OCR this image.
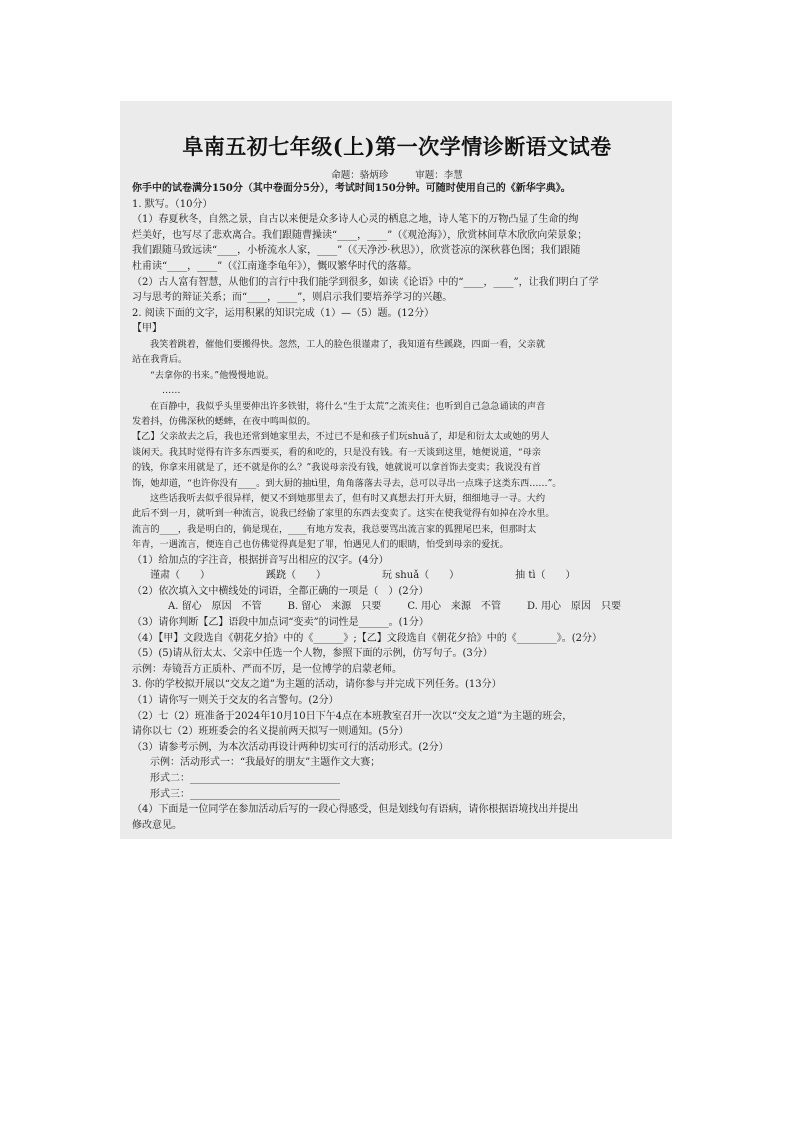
阜南五初七年级(上)第一次学情诊断语文试卷
命题：骆炳珍	审题：李慧
你手中的试卷满分150分（其中卷面分5分），考试时间150分钟。可随时使用自己的《新华字典》。
1. 默写。（10分）
（1）春夏秋冬，自然之景，自古以来便是众多诗人心灵的栖息之地，诗人笔下的万物凸显了生命的绚
烂美好，也写尽了悲欢离合。我们跟随曹操读“____，____”（《观沧海》），欣赏林间草木欣欣向荣景象；
我们跟随马致远读“____，小桥流水人家，____”（《天净沙·秋思》），欣赏苍凉的深秋暮色图；我们跟随
杜甫读“____，____”（《江南逢李龟年》），慨叹繁华时代的落幕。
（2）古人富有智慧，从他们的言行中我们能学到很多，如读《论语》中的“____，____”，让我们明白了学
习与思考的辩证关系；而“____，____”，则启示我们要培养学习的兴趣。
2. 阅读下面的文字，运用积累的知识完成（1）—（5）题。(12分）
【甲】
我笑着跳着，催他们要搬得快。忽然，工人的脸色很谨肃了，我知道有些蹊跷，四面一看，父亲就
站在我背后。
“去拿你的书来。”他慢慢地说。
……
在百静中，我似乎头里要伸出许多铁钳，将什么“生于太荒”之流夹住；也听到自己急急诵读的声音
发着抖，仿佛深秋的蟋蟀，在夜中鸣叫似的。
【乙】父亲故去之后，我也还常到她家里去，不过已不是和孩子们玩shuǎ了，却是和衍太太或她的男人
谈闲天。我其时觉得有许多东西要买，看的和吃的，只是没有钱。有一天谈到这里，她便说道，“母亲
的钱，你拿来用就是了，还不就是你的么？”我说母亲没有钱，她就说可以拿首饰去变卖；我说没有首
饰，她却道，“也许你没有____。到大厨的抽tì里，角角落落去寻去，总可以寻出一点珠子这类东西……”。
这些话我听去似乎很异样，便又不到她那里去了，但有时又真想去打开大厨，细细地寻一寻。大约
此后不到一月，就听到一种流言，说我已经偷了家里的东西去变卖了。这实在使我觉得有如掉在冷水里。
流言的____，我是明白的，倘是现在，____有地方发表，我总要骂出流言家的狐狸尾巴来，但那时太
年青，一遇流言，便连自己也仿佛觉得真是犯了罪，怕遇见人们的眼睛，怕受到母亲的爱抚。
（1）给加点的字注音，根据拼音写出相应的汉字。(4分）
谨肃（　　）	蹊跷（　　）	玩 shuǎ（　　）	抽 tì（　　）
（2）依次填入文中横线处的词语，全都正确的一项是（　）(2分）
A. 留心　原因　不管	B. 留心　来源　只要	C. 用心　来源　不管	D. 用心　原因　只要
（3）请你判断【乙】语段中加点词“变卖”的词性是______。(1分）
（4）【甲】文段选自《朝花夕拾》中的《______》;【乙】文段选自《朝花夕拾》中的《________》。(2分）
（5）(5)请从衍太太、父亲中任选一个人物，参照下面的示例，仿写句子。(3分）
示例：寿镜吾方正质朴、严而不厉，是一位博学的启蒙老师。
3. 你的学校拟开展以“交友之道”为主题的活动，请你参与并完成下列任务。(13分）
（1）请你写一则关于交友的名言警句。(2分）
（2）七（2）班准备于2024年10月10日下午4点在本班教室召开一次以“交友之道”为主题的班会，
请你以七（2）班班委会的名义提前两天拟写一则通知。(5分）
（3）请参考示例，为本次活动再设计两种切实可行的活动形式。(2分）
示例：活动形式一：“我最好的朋友”主题作文大赛；
形式二：______________________________
形式三：______________________________
（4）下面是一位同学在参加活动后写的一段心得感受，但是划线句有语病，请你根据语境找出并提出
修改意见。
